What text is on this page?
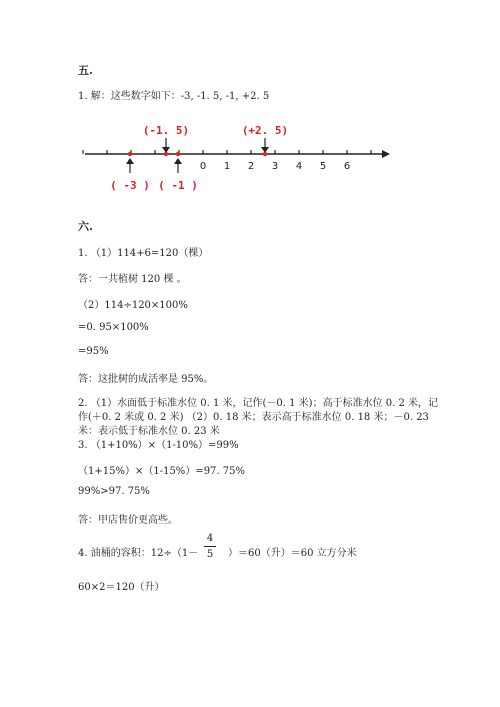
五.
1. 解：这些数字如下：-3, -1. 5, -1, +2. 5
0 1 2 3 4 5 6
(-1. 5)	(+2. 5)
( -3 ) ( -1 )
六.
1. （1）114+6=120（棵）
答：一共植树 120 棵 。
（2）114÷120×100%
=0. 95×100%
=95%
答：这批树的成活率是 95%。
2. （1）水面低于标准水位 0. 1 米，记作(－0. 1 米)；高于标准水位 0. 2 米，记
作(＋0. 2 米或 0. 2 米) （2）0. 18 米；表示高于标准水位 0. 18 米；－0. 23
米：表示低于标准水位 0. 23 米
3. （1+10%）×（1-10%）=99%
（1+15%）×（1-15%）=97. 75%
99%>97. 75%
答：甲店售价更高些。
4. 油桶的容积：12÷（1－
4
5	）＝60（升）＝60 立方分米
60×2＝120（升）
